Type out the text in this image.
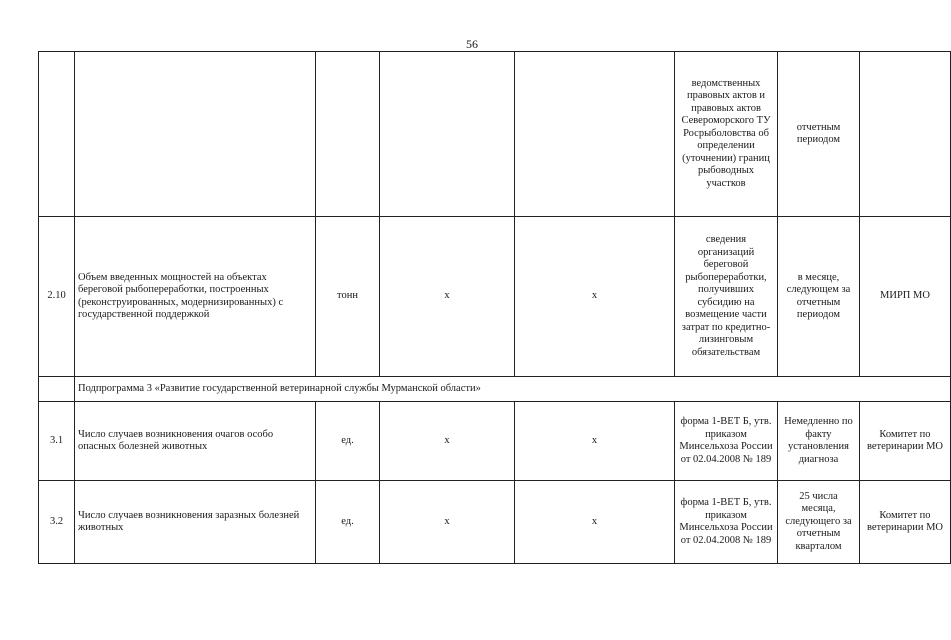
56
					ведомственных правовых актов и правовых актов Североморского ТУ Росрыболовства об определении (уточнении) границ рыбоводных участков	отчетным периодом	
2.10	Объем введенных мощностей на объектах береговой рыбопереработки, построенных (реконструированных, модернизированных) с государственной поддержкой	тонн	x	x	сведения организаций береговой рыбопереработки, получивших субсидию на возмещение части затрат по кредитно-лизинговым обязательствам	в месяце, следующем за отчетным периодом	МИРП МО
	Подпрограмма 3 «Развитие государственной ветеринарной службы Мурманской области»						
3.1	Число случаев возникновения очагов особо опасных болезней животных	ед.	x	x	форма 1-ВЕТ Б, утв. приказом Минсельхоза России от 02.04.2008 № 189	Немедленно по факту установления диагноза	Комитет по ветеринарии МО
3.2	Число случаев возникновения заразных болезней животных	ед.	x	x	форма 1-ВЕТ Б, утв. приказом Минсельхоза России от 02.04.2008 № 189	25 числа месяца, следующего за отчетным кварталом	Комитет по ветеринарии МО
